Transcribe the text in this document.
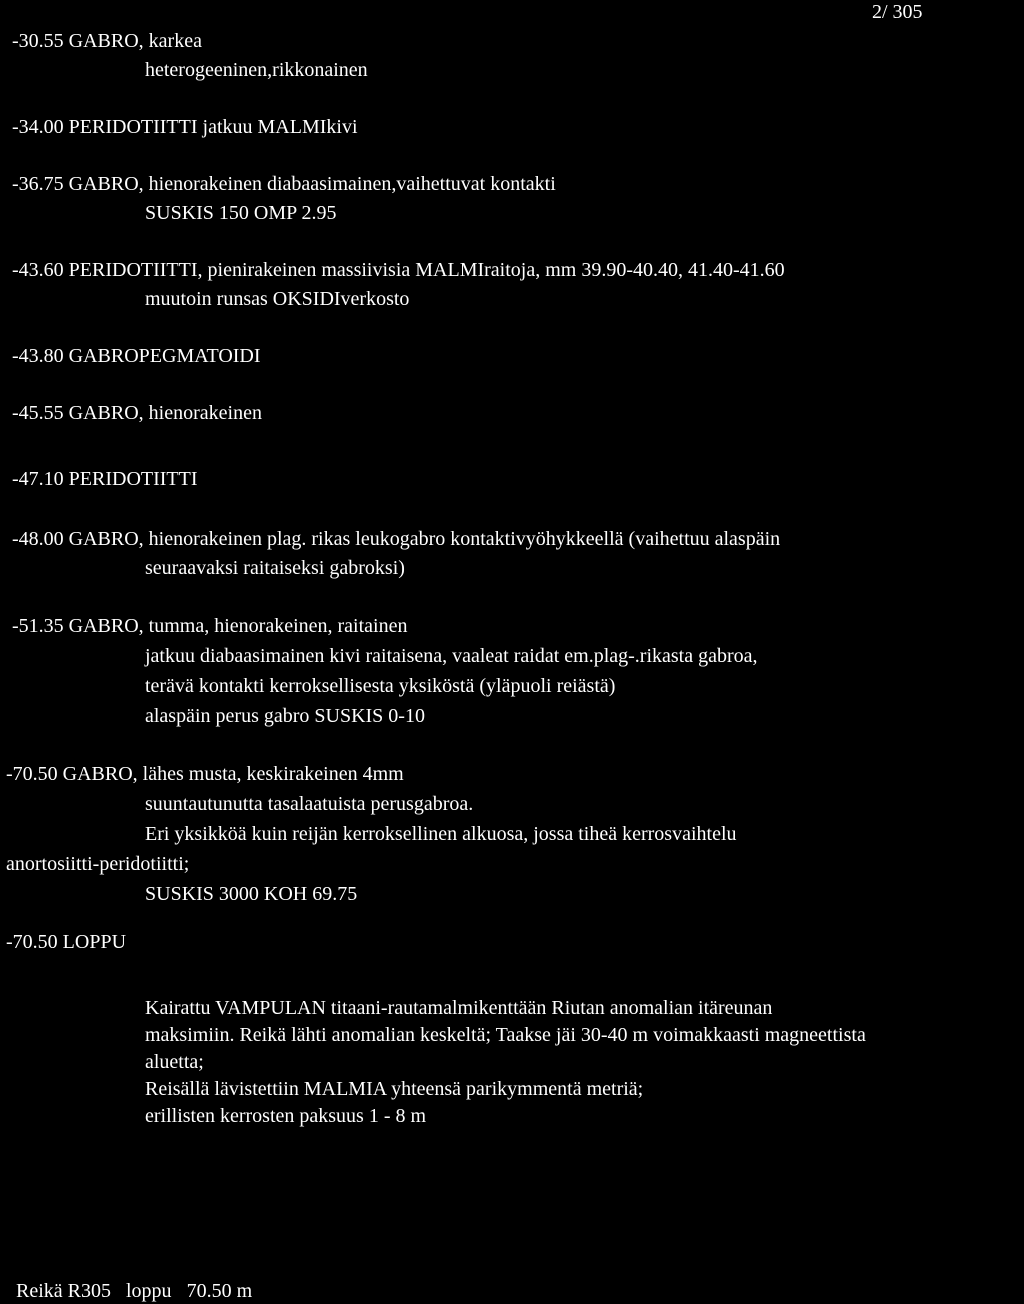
2/ 305
-30.55 GABRO, karkea
heterogeeninen,rikkonainen
-34.00 PERIDOTIITTI jatkuu MALMIkivi
-36.75 GABRO, hienorakeinen diabaasimainen,vaihettuvat kontakti
SUSKIS 150 OMP 2.95
-43.60 PERIDOTIITTI, pienirakeinen massiivisia MALMIraitoja, mm 39.90-40.40, 41.40-41.60
muutoin runsas OKSIDIverkosto
-43.80 GABROPEGMATOIDI
-45.55 GABRO, hienorakeinen
-47.10 PERIDOTIITTI
-48.00 GABRO, hienorakeinen plag. rikas leukogabro kontaktivyöhykkeellä (vaihettuu alaspäin
seuraavaksi raitaiseksi gabroksi)
-51.35 GABRO, tumma, hienorakeinen, raitainen
jatkuu diabaasimainen kivi raitaisena, vaaleat raidat em.plag-.rikasta gabroa,
terävä kontakti kerroksellisesta yksiköstä (yläpuoli reiästä)
alaspäin perus gabro SUSKIS 0-10
-70.50 GABRO, lähes musta, keskirakeinen 4mm
suuntautunutta tasalaatuista perusgabroa.
Eri yksikköä kuin reijän kerroksellinen alkuosa, jossa tiheä kerrosvaihtelu
anortosiitti-peridotiitti;
SUSKIS 3000 KOH 69.75
-70.50 LOPPU
Kairattu VAMPULAN titaani-rautamalmikenttään Riutan anomalian itäreunan
maksimiin. Reikä lähti anomalian keskeltä; Taakse jäi 30-40 m voimakkaasti magneettista
aluetta;
Reisällä lävistettiin MALMIA yhteensä parikymmentä metriä;
erillisten kerrosten paksuus 1 - 8 m

Reikä R305 loppu 70.50 m
